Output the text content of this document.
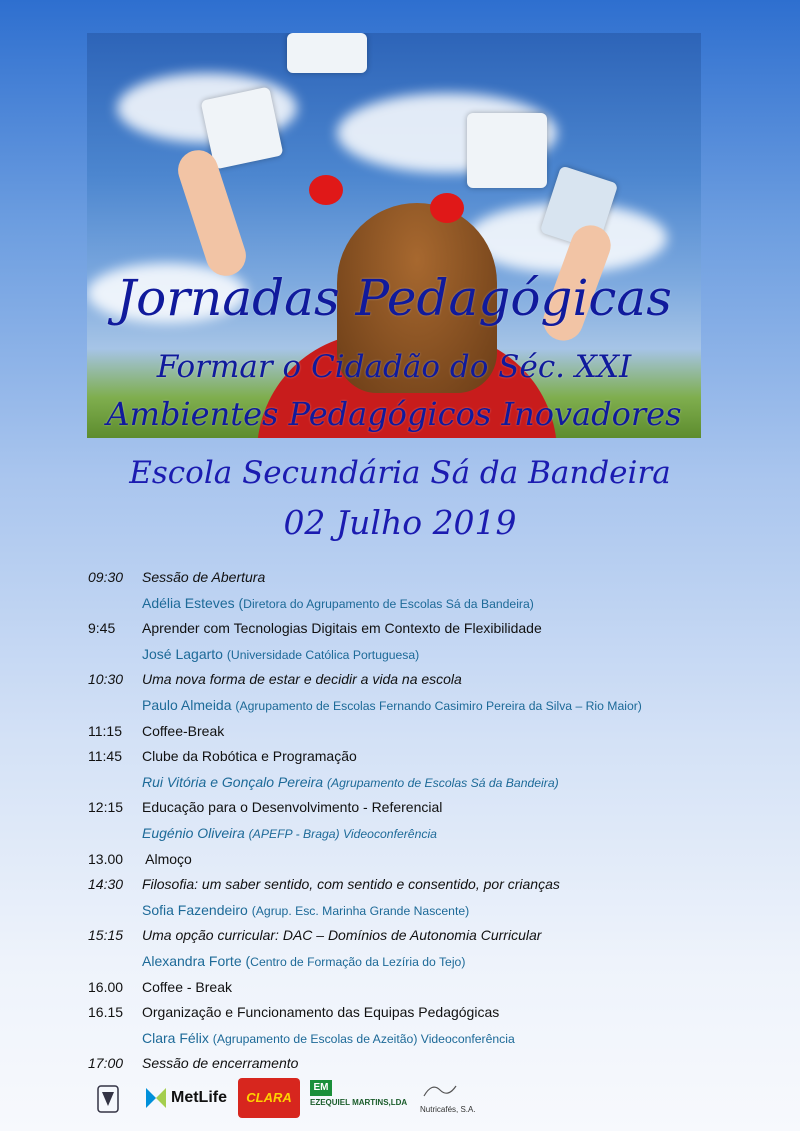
Jornadas Pedagógicas
Formar o Cidadão do Séc. XXI
Ambientes Pedagógicos Inovadores
Escola Secundária Sá da Bandeira
02 Julho 2019
09:30 Sessão de Abertura
Adélia Esteves (Diretora do Agrupamento de Escolas Sá da Bandeira)
9:45 Aprender com Tecnologias Digitais em Contexto de Flexibilidade
José Lagarto (Universidade Católica Portuguesa)
10:30 Uma nova forma de estar e decidir a vida na escola
Paulo Almeida (Agrupamento de Escolas Fernando Casimiro Pereira da Silva – Rio Maior)
11:15 Coffee-Break
11:45 Clube da Robótica e Programação
Rui Vitória e Gonçalo Pereira (Agrupamento de Escolas Sá da Bandeira)
12:15 Educação para o Desenvolvimento - Referencial
Eugénio Oliveira (APEFP - Braga) Videoconferência
13.00 Almoço
14:30 Filosofia: um saber sentido, com sentido e consentido, por crianças
Sofia Fazendeiro (Agrup. Esc. Marinha Grande Nascente)
15:15 Uma opção curricular: DAC – Domínios de Autonomia Curricular
Alexandra Forte (Centro de Formação da Lezíria do Tejo)
16.00 Coffee - Break
16.15 Organização e Funcionamento das Equipas Pedagógicas
Clara Félix (Agrupamento de Escolas de Azeitão) Videoconferência
17:00 Sessão de encerramento
MetLife	CLARA
EM
EZEQUIEL MARTINS,LDA
Nutricafés, S.A.
